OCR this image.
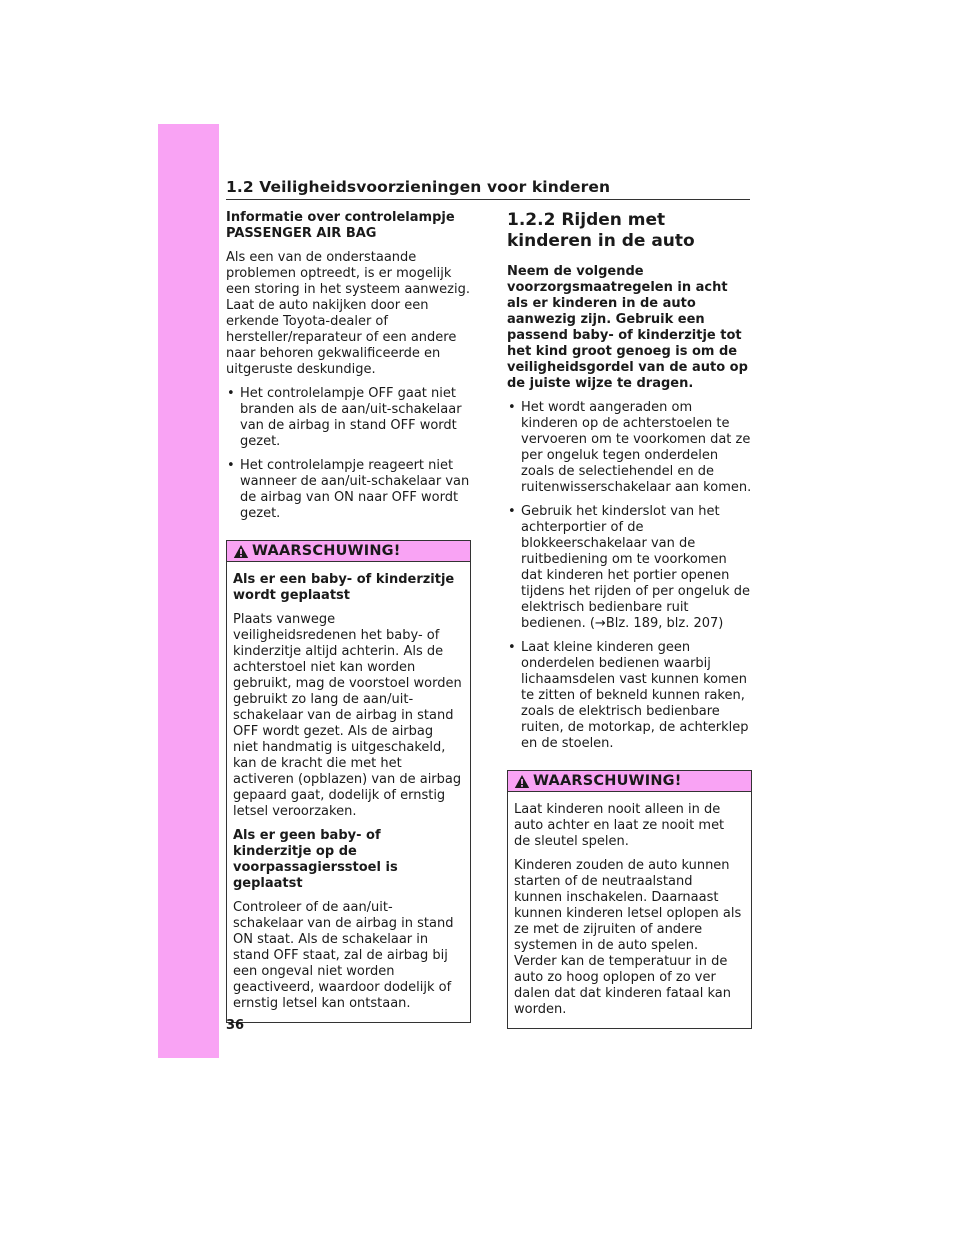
1.2 Veiligheidsvoorzieningen voor kinderen

Informatie over controlelampje PASSENGER AIR BAG

Als een van de onderstaande problemen optreedt, is er mogelijk een storing in het systeem aanwezig. Laat de auto nakijken door een erkende Toyota-dealer of hersteller/reparateur of een andere naar behoren gekwalificeerde en uitgeruste deskundige.

• Het controlelampje OFF gaat niet branden als de aan/uit-schakelaar van de airbag in stand OFF wordt gezet.
• Het controlelampje reageert niet wanneer de aan/uit-schakelaar van de airbag van ON naar OFF wordt gezet.
WAARSCHUWING!

Als er een baby- of kinderzitje wordt geplaatst

Plaats vanwege veiligheidsredenen het baby- of kinderzitje altijd achterin. Als de achterstoel niet kan worden gebruikt, mag de voorstoel worden gebruikt zo lang de aan/uit-schakelaar van de airbag in stand OFF wordt gezet. Als de airbag niet handmatig is uitgeschakeld, kan de kracht die met het activeren (opblazen) van de airbag gepaard gaat, dodelijk of ernstig letsel veroorzaken.

Als er geen baby- of kinderzitje op de voorpassagiersstoel is geplaatst

Controleer of de aan/uit-schakelaar van de airbag in stand ON staat. Als de schakelaar in stand OFF staat, zal de airbag bij een ongeval niet worden geactiveerd, waardoor dodelijk of ernstig letsel kan ontstaan.

1.2.2 Rijden met kinderen in de auto

Neem de volgende voorzorgsmaatregelen in acht als er kinderen in de auto aanwezig zijn. Gebruik een passend baby- of kinderzitje tot het kind groot genoeg is om de veiligheidsgordel van de auto op de juiste wijze te dragen.

• Het wordt aangeraden om kinderen op de achterstoelen te vervoeren om te voorkomen dat ze per ongeluk tegen onderdelen zoals de selectiehendel en de ruitenwisserschakelaar aan komen.
• Gebruik het kinderslot van het achterportier of de blokkeerschakelaar van de ruitbediening om te voorkomen dat kinderen het portier openen tijdens het rijden of per ongeluk de elektrisch bedienbare ruit bedienen. (→Blz. 189, blz. 207)
• Laat kleine kinderen geen onderdelen bedienen waarbij lichaamsdelen vast kunnen komen te zitten of bekneld kunnen raken, zoals de elektrisch bedienbare ruiten, de motorkap, de achterklep en de stoelen.
WAARSCHUWING!

Laat kinderen nooit alleen in de auto achter en laat ze nooit met de sleutel spelen.

Kinderen zouden de auto kunnen starten of de neutraalstand kunnen inschakelen. Daarnaast kunnen kinderen letsel oplopen als ze met de zijruiten of andere systemen in de auto spelen. Verder kan de temperatuur in de auto zo hoog oplopen of zo ver dalen dat dat kinderen fataal kan worden.

36
